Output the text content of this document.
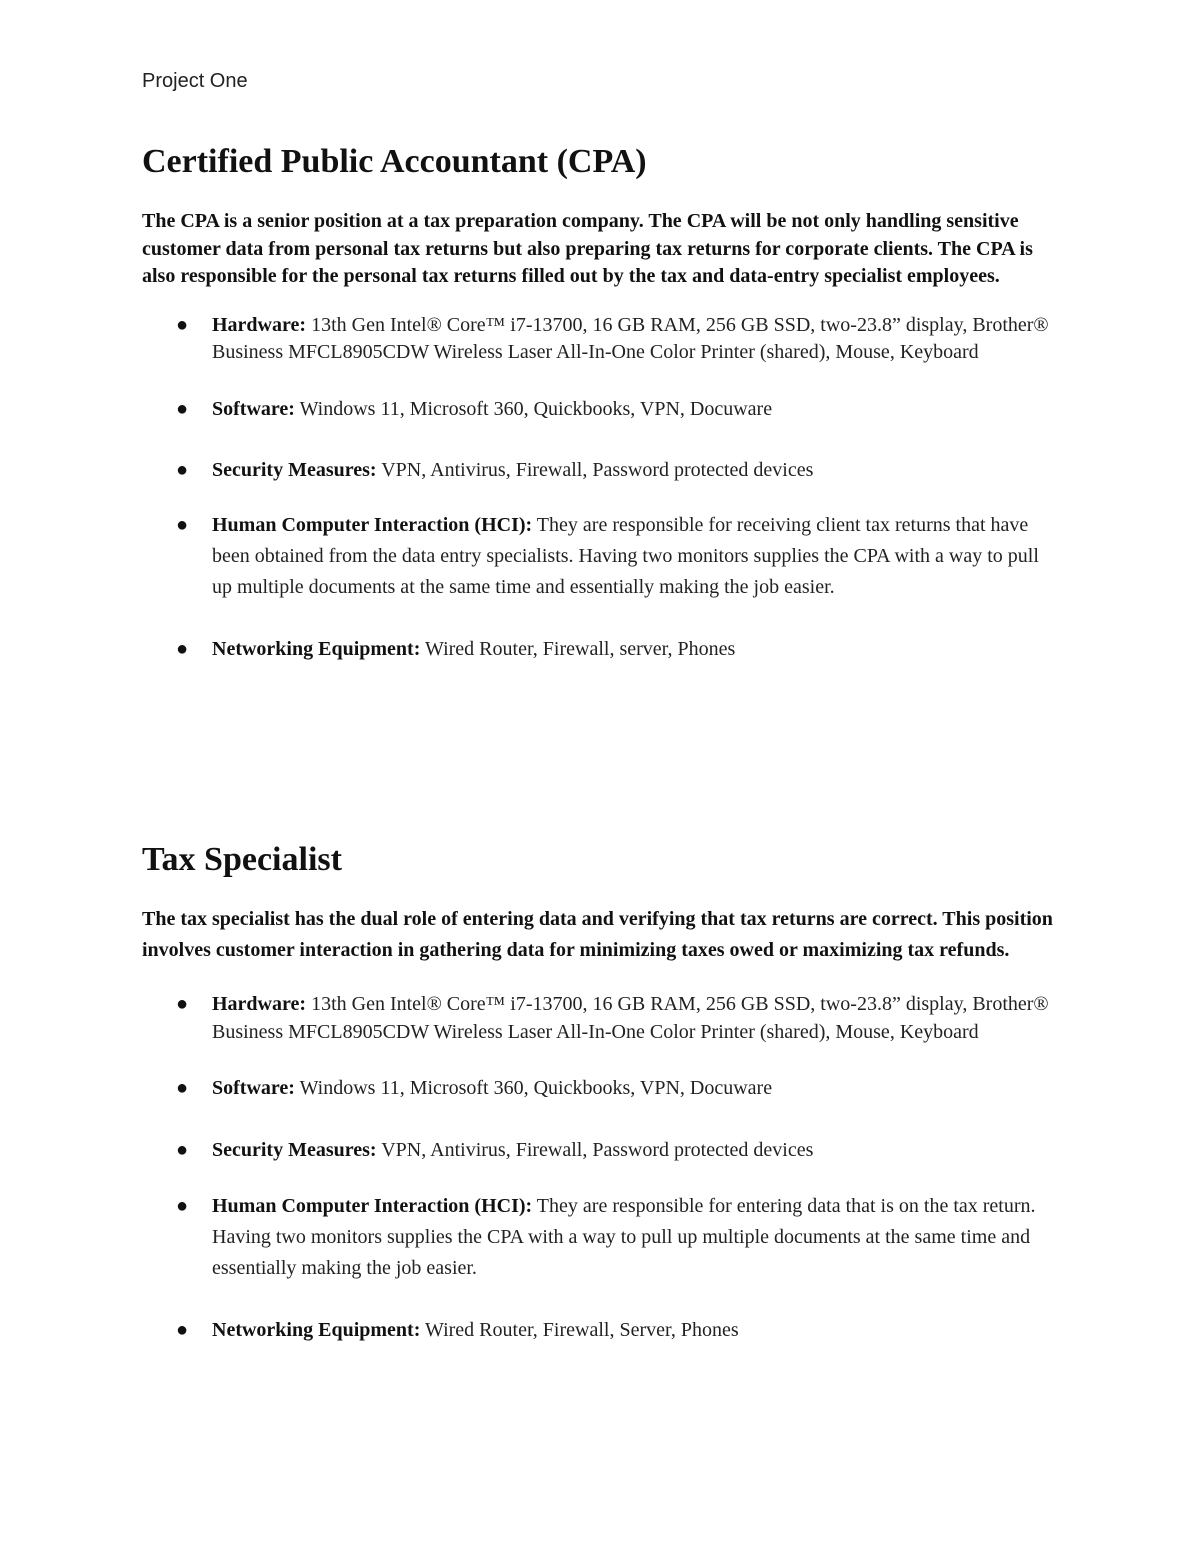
Project One
Certified Public Accountant (CPA)

The CPA is a senior position at a tax preparation company. The CPA will be not only handling sensitive customer data from personal tax returns but also preparing tax returns for corporate clients. The CPA is also responsible for the personal tax returns filled out by the tax and data-entry specialist employees.

● Hardware: 13th Gen Intel® Core™ i7-13700, 16 GB RAM, 256 GB SSD, two-23.8” display, Brother® Business MFCL8905CDW Wireless Laser All-In-One Color Printer (shared), Mouse, Keyboard
● Software: Windows 11, Microsoft 360, Quickbooks, VPN, Docuware
● Security Measures: VPN, Antivirus, Firewall, Password protected devices
● Human Computer Interaction (HCI): They are responsible for receiving client tax returns that have been obtained from the data entry specialists. Having two monitors supplies the CPA with a way to pull up multiple documents at the same time and essentially making the job easier.
● Networking Equipment: Wired Router, Firewall, server, Phones
Tax Specialist

The tax specialist has the dual role of entering data and verifying that tax returns are correct. This position involves customer interaction in gathering data for minimizing taxes owed or maximizing tax refunds.

● Hardware: 13th Gen Intel® Core™ i7-13700, 16 GB RAM, 256 GB SSD, two-23.8” display, Brother® Business MFCL8905CDW Wireless Laser All-In-One Color Printer (shared), Mouse, Keyboard
● Software: Windows 11, Microsoft 360, Quickbooks, VPN, Docuware
● Security Measures: VPN, Antivirus, Firewall, Password protected devices
● Human Computer Interaction (HCI): They are responsible for entering data that is on the tax return. Having two monitors supplies the CPA with a way to pull up multiple documents at the same time and essentially making the job easier.
● Networking Equipment: Wired Router, Firewall, Server, Phones
